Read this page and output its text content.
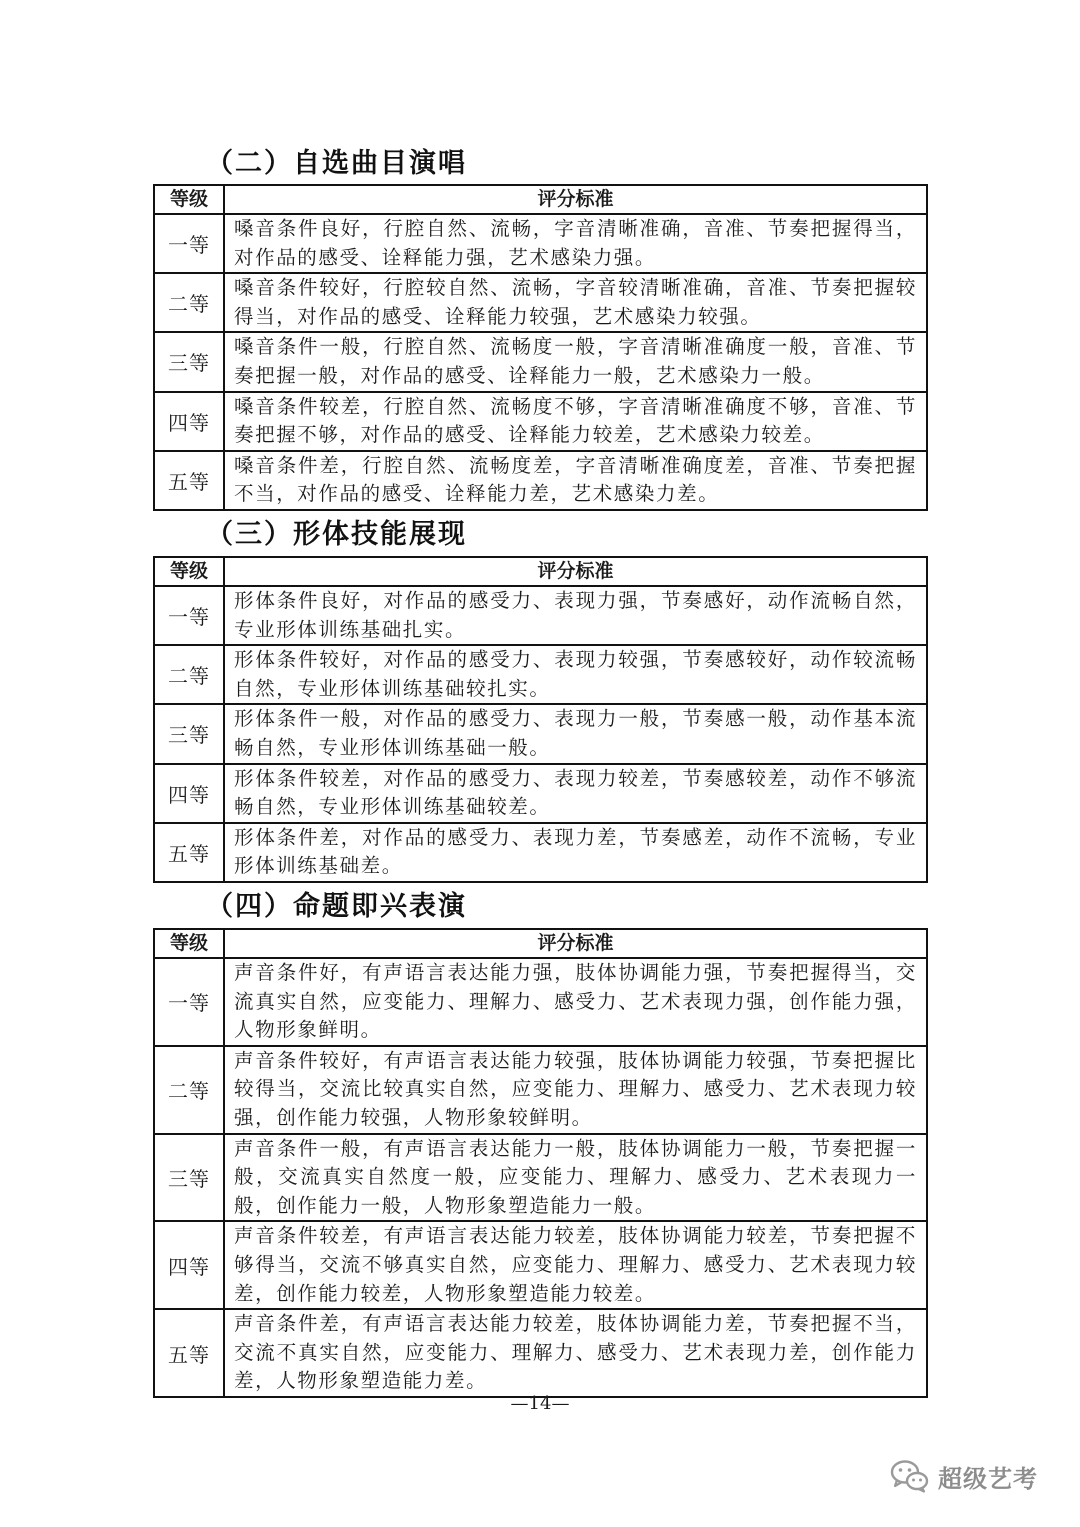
（二）自选曲目演唱
等级	评分标准
一等	嗓音条件良好，行腔自然、流畅，字音清晰准确，音准、节奏把握得当，对作品的感受、诠释能力强，艺术感染力强。
二等	嗓音条件较好，行腔较自然、流畅，字音较清晰准确，音准、节奏把握较得当，对作品的感受、诠释能力较强，艺术感染力较强。
三等	嗓音条件一般，行腔自然、流畅度一般，字音清晰准确度一般，音准、节奏把握一般，对作品的感受、诠释能力一般，艺术感染力一般。
四等	嗓音条件较差，行腔自然、流畅度不够，字音清晰准确度不够，音准、节奏把握不够，对作品的感受、诠释能力较差，艺术感染力较差。
五等	嗓音条件差，行腔自然、流畅度差，字音清晰准确度差，音准、节奏把握不当，对作品的感受、诠释能力差，艺术感染力差。
（三）形体技能展现
等级	评分标准
一等	形体条件良好，对作品的感受力、表现力强，节奏感好，动作流畅自然，专业形体训练基础扎实。
二等	形体条件较好，对作品的感受力、表现力较强，节奏感较好，动作较流畅自然，专业形体训练基础较扎实。
三等	形体条件一般，对作品的感受力、表现力一般，节奏感一般，动作基本流畅自然，专业形体训练基础一般。
四等	形体条件较差，对作品的感受力、表现力较差，节奏感较差，动作不够流畅自然，专业形体训练基础较差。
五等	形体条件差，对作品的感受力、表现力差，节奏感差，动作不流畅，专业形体训练基础差。
（四）命题即兴表演
等级	评分标准
一等	声音条件好，有声语言表达能力强，肢体协调能力强，节奏把握得当，交流真实自然，应变能力、理解力、感受力、艺术表现力强，创作能力强，人物形象鲜明。
二等	声音条件较好，有声语言表达能力较强，肢体协调能力较强，节奏把握比较得当，交流比较真实自然，应变能力、理解力、感受力、艺术表现力较强，创作能力较强，人物形象较鲜明。
三等	声音条件一般，有声语言表达能力一般，肢体协调能力一般，节奏把握一般，交流真实自然度一般，应变能力、理解力、感受力、艺术表现力一般，创作能力一般，人物形象塑造能力一般。
四等	声音条件较差，有声语言表达能力较差，肢体协调能力较差，节奏把握不够得当，交流不够真实自然，应变能力、理解力、感受力、艺术表现力较差，创作能力较差，人物形象塑造能力较差。
五等	声音条件差，有声语言表达能力较差，肢体协调能力差，节奏把握不当，交流不真实自然，应变能力、理解力、感受力、艺术表现力差，创作能力差，人物形象塑造能力差。
—14—
超级艺考
